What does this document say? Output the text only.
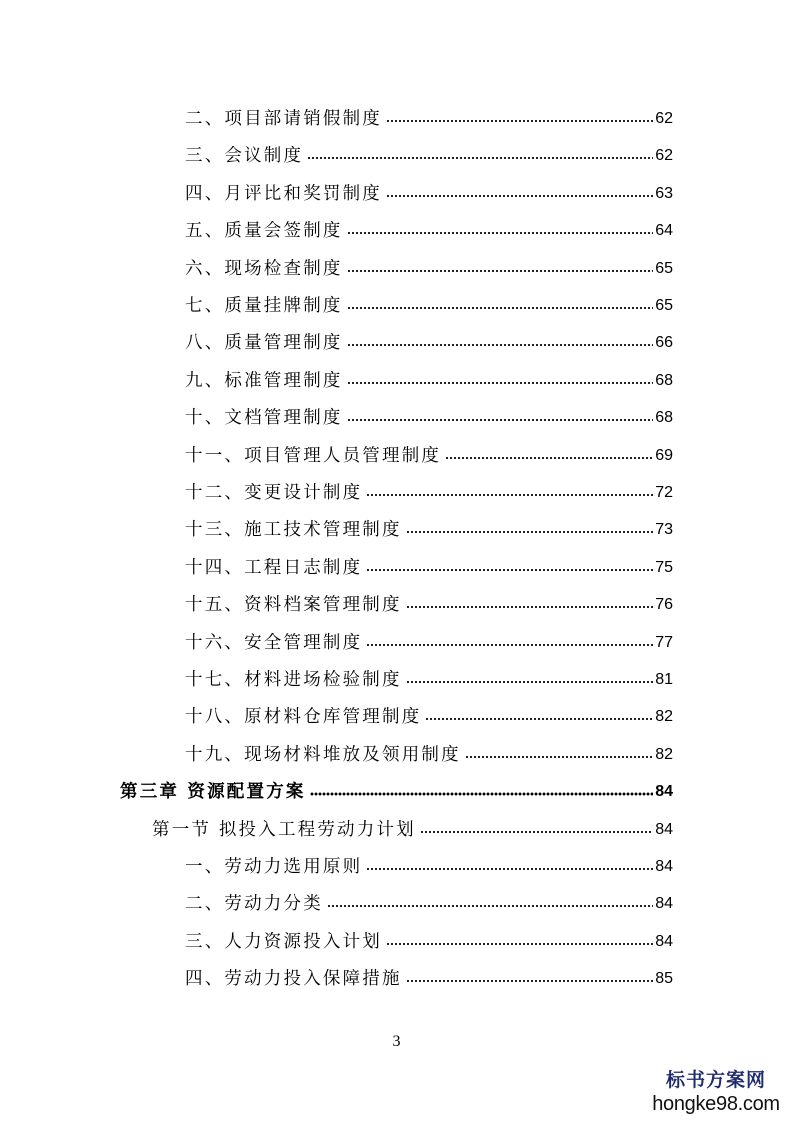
二、项目部请销假制度	62
三、会议制度	62
四、月评比和奖罚制度	63
五、质量会签制度	64
六、现场检查制度	65
七、质量挂牌制度	65
八、质量管理制度	66
九、标准管理制度	68
十、文档管理制度	68
十一、项目管理人员管理制度	69
十二、变更设计制度	72
十三、施工技术管理制度	73
十四、工程日志制度	75
十五、资料档案管理制度	76
十六、安全管理制度	77
十七、材料进场检验制度	81
十八、原材料仓库管理制度	82
十九、现场材料堆放及领用制度	82
第三章 资源配置方案	84
第一节 拟投入工程劳动力计划	84
一、劳动力选用原则	84
二、劳动力分类	84
三、人力资源投入计划	84
四、劳动力投入保障措施	85
3
标书方案网
hongke98.com
